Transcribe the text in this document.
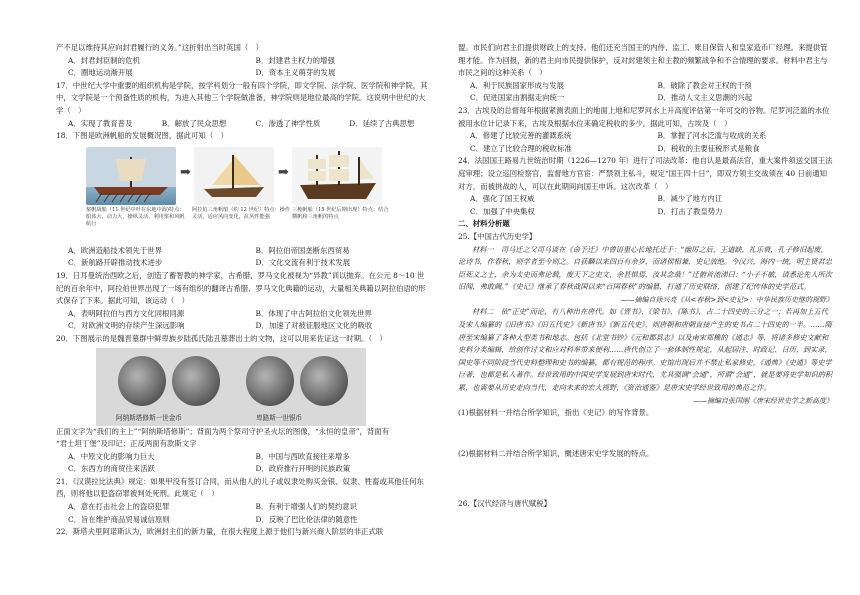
产不足以维持其应向封君履行的义务。”这折射出当时英国（　）
A．封君封臣制的危机	B．封建君主权力的增强
C．圈地运动渐开展	D．资本主义萌芽的发展
17．中世纪大学中重要的组织机构是学院，按学科划分一般有四个学院，即文学院、法学院、医学院和神学院，其中，文学院是一个预备性质的机构，为进入其他三个学院做准备，神学院则是地位最高的学院。这说明中世纪的大学（　）
A．实现了教育普及	B．解放了民众思想	C．渗透了神学性质	D．延续了古典思想
18．下图是欧洲帆船的发展概况图，据此可知（　）
➡	➡
桨帆战船（11 世纪中叶在东地中海)特点：船体大，动力大，操纵灵活，利用桨和风帆航行
阿拉伯三角帆船（约 12 世纪）特点：操作灵活，适应风向变化，抗风性能强
三桅帆船（15 世纪后期出现）特点：结合横帆和三角帆的特点
A．欧洲造船技术领先于世界	B．阿拉伯帝国垄断东西贸易
C．新航路开辟推动技术进步	D．文化交流有利于技术发展
19．日耳曼统治西欧之后，创造了蓄智教的神学家，古希腊，罗马文化被视为“异教”训以抛弃。在公元 8～10 世纪的百余年中，阿拉伯世界出现了一场有组织的翻译古希腊、罗马文化典籍的运动，大量相关典籍以阿拉伯语的形式保存了下来。据此可知，该运动（　）
A．表明阿拉伯与西方文化同根同源	B．体现了中古阿拉伯文化领先世界
C．对欧洲文明的存续产生深远影响	D．加速了对被征服地区文化的吸收
20．下图展示的是魏晋墓群中鲜卑族步陆孤氏陆丑墓葬出土的文物，这可以用来佐证这一时期。（　）
阿纳斯塔修斯一世金币	卑路斯一世银币
正面文字为“我们的主上”“阿纳斯塔修斯”；背面为两个祭司守护圣火坛的图像，“永恒的皇帝”，背面有
“君士坦丁堡”及印记；正反两面有款斯文字
A．中原文化的影响力巨大	B．中国与西欧直接往来增多
C．东西方的商贸往来活跃	D．政府推行开明的民族政策
21．《汉谟拉比法典》规定：如果甲没有签订合同，而从他人的儿子或奴隶处购买金银、奴隶、牲畜或其他任何东西，则将他以犯盗窃罪被判处死刑。此规定（　）
A．意在打击社会上的盗窃犯罪	B．有利于增强人们的契约意识
C．旨在维护商品贸易诚信原则	D．反映了巴比伦法律的随意性
22．斯塔夫里阿诺斯认为，欧洲封主们的新力量，在很大程度上源于他们与新兴商人阶层的非正式联
盟。市民们向君主们提供财政上的支持。他们还充当国王的内侍、监工、账目保管人和皇家造币厂经理。来提供管理才能。作为回报，新的君主向市民提供保护，反对封建领主和主教的频繁战争和不合情理的要求。材料中君主与市民之间的这种关系（　）
A．利于民族国家形成与发展	B．破除了教会对王权的干预
C．促进国家由割据走向统一	D．推动人文主义思潮的兴起
23．古埃及的总督每年根据紧测表面上的地面上地和尼罗河水上升高度评估第一年可交的谷物。尼罗河泛滥的水位被用水位计记录下来，古埃及根据水位来确定税收的多少。据此可知，古埃及（　）
A．修建了比较完善的灌溉系统	B．掌握了河水泛滥与收成的关系
C．建立了比较合理的税收标准	D．税收的主要征税形式是粮食
24．法国国王路易九世统治时期（1226—1270 年）进行了司法改革：他自认是最高法官，重大案件须送交国王法庭审理；设立巡回检察官，监督地方官宦：严禁领主私斗，规定“国王四十日”，即双方领主交战须在 40 日前通知对方，而被挑战的人，可以在此期间向国王申诉。这次改革（　）
A．强化了国王权威	B．减少了地方内讧
C．加强了中央集权	D．打击了教皇势力
二、材料分析题
25.【中国古代历史学】
材料一　司马迁之父司马谈在《命予迁》中曾语重心长地托迁手：“幽厉之后，王道缺，礼乐衰，孔子修旧起废，论诗书，作春秋，则学者至今则之。自获麟以来四百有余岁，而诸侯相兼，史记放绝。今汉兴，海内一统，明主贤君忠臣死义之士，余为太史而弗论载，废天下之史文，余甚惧焉，汝其念哉！”迁俯首流涕曰：“小子不敏，请悉论先人所次旧闻，弗敢阙。”《史记》继承了春秋战国以来“百国春秋”的编篡，打通了历史联络，创建了纪传体的史学范式。
——摘编自徐兴亮《从<春秋>到<史记>：中华民族历史继的视野》
材料二　依“正史”而论，有八种出在唐代。如《晋书》、《梁书》、《陈书》，占二十四史的三分之一；若再加上五代及宋人编纂的《旧唐书》《旧五代史》《新唐书》《新五代史》，则唐朝和唐朝直接产生的史书占二十四史的一半。……隋唐至宋编纂了各种大型类书和地志。包括《北堂书钞》《元和郡县志》以及南宋郑樵的《通志》等，将诸多修史文献和史料分类编辑，给创作讨文和应对科举带来便利……唐代创立了一套体制性规定，从起居注、时政记、日历，到实录，国史等不同阶段当代史料整理和史书的编纂，都有规范的程序。史馆出现后并不禁止私家修史，《通典》《史通》等史学巨著，也都是私人著作。经世致用的中国史学发展到唐宋时代，尤其强调“会通”，所谓“会通”，就是要将史学知识的积累，也需要从历史走向当代，走向未来的宏大视野，《资治通鉴》是唐宋史学经世致用的典范之作。
——摘编自张国刚《唐宋经世史学之新高度》
(1)根据材料一并结合所学知识，指出《史记》的写作背景。
(2)根据材料二并结合所学知识，概述唐宋史学发展的特点。
26.【汉代经济与唐代赋税】
